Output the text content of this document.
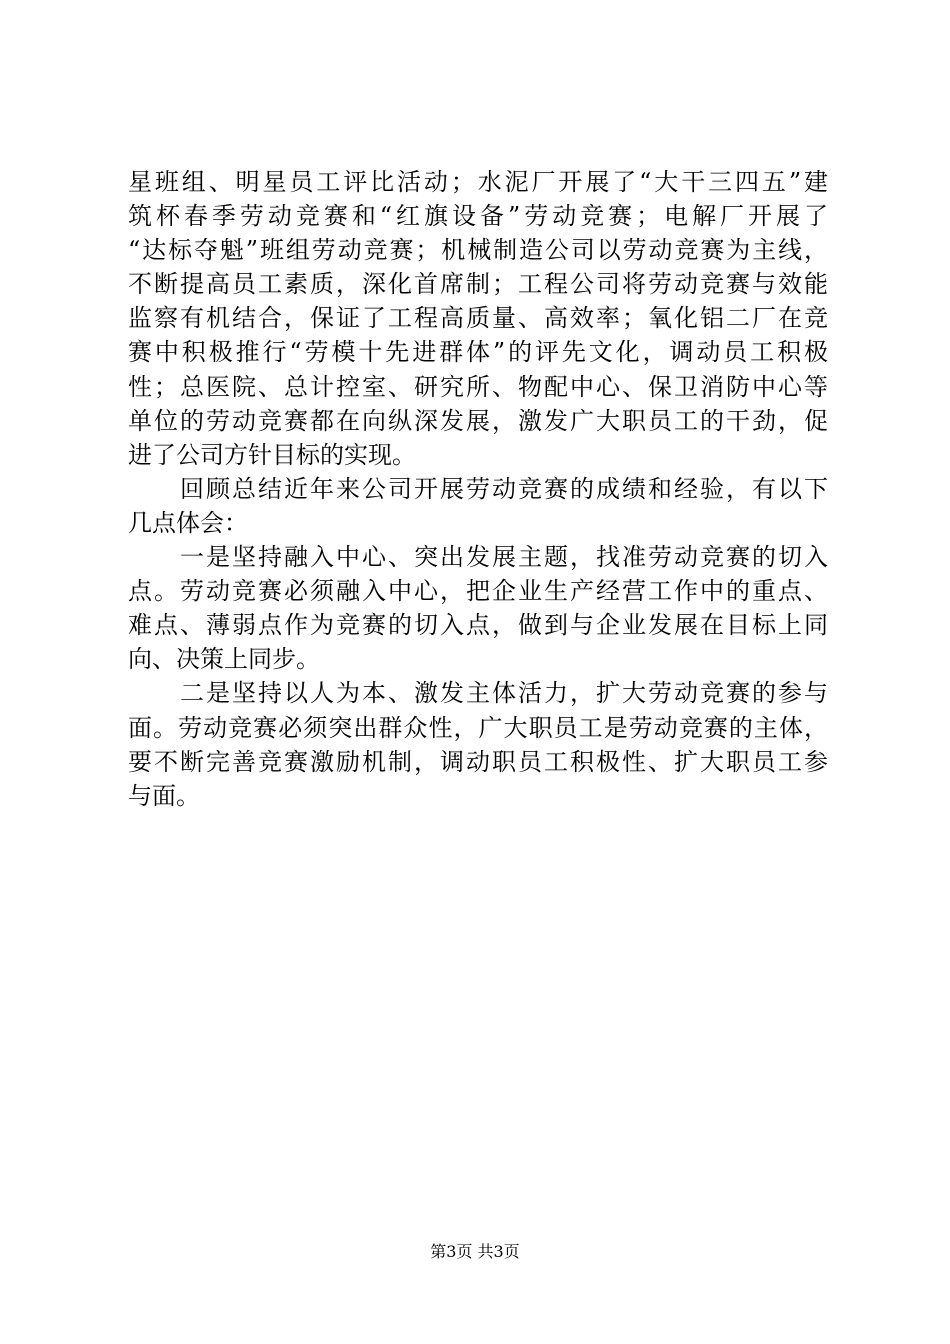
星班组、明星员工评比活动；水泥厂开展了“大干三四五”建
筑杯春季劳动竞赛和“红旗设备”劳动竞赛；电解厂开展了
“达标夺魁”班组劳动竞赛；机械制造公司以劳动竞赛为主线，
不断提高员工素质，深化首席制；工程公司将劳动竞赛与效能
监察有机结合，保证了工程高质量、高效率；氧化铝二厂在竞
赛中积极推行“劳模十先进群体”的评先文化，调动员工积极
性；总医院、总计控室、研究所、物配中心、保卫消防中心等
单位的劳动竞赛都在向纵深发展，激发广大职员工的干劲，促
进了公司方针目标的实现。
回顾总结近年来公司开展劳动竞赛的成绩和经验，有以下
几点体会：
一是坚持融入中心、突出发展主题，找准劳动竞赛的切入
点。劳动竞赛必须融入中心，把企业生产经营工作中的重点、
难点、薄弱点作为竞赛的切入点，做到与企业发展在目标上同
向、决策上同步。
二是坚持以人为本、激发主体活力，扩大劳动竞赛的参与
面。劳动竞赛必须突出群众性，广大职员工是劳动竞赛的主体，
要不断完善竞赛激励机制，调动职员工积极性、扩大职员工参
与面。
第3页 共3页
